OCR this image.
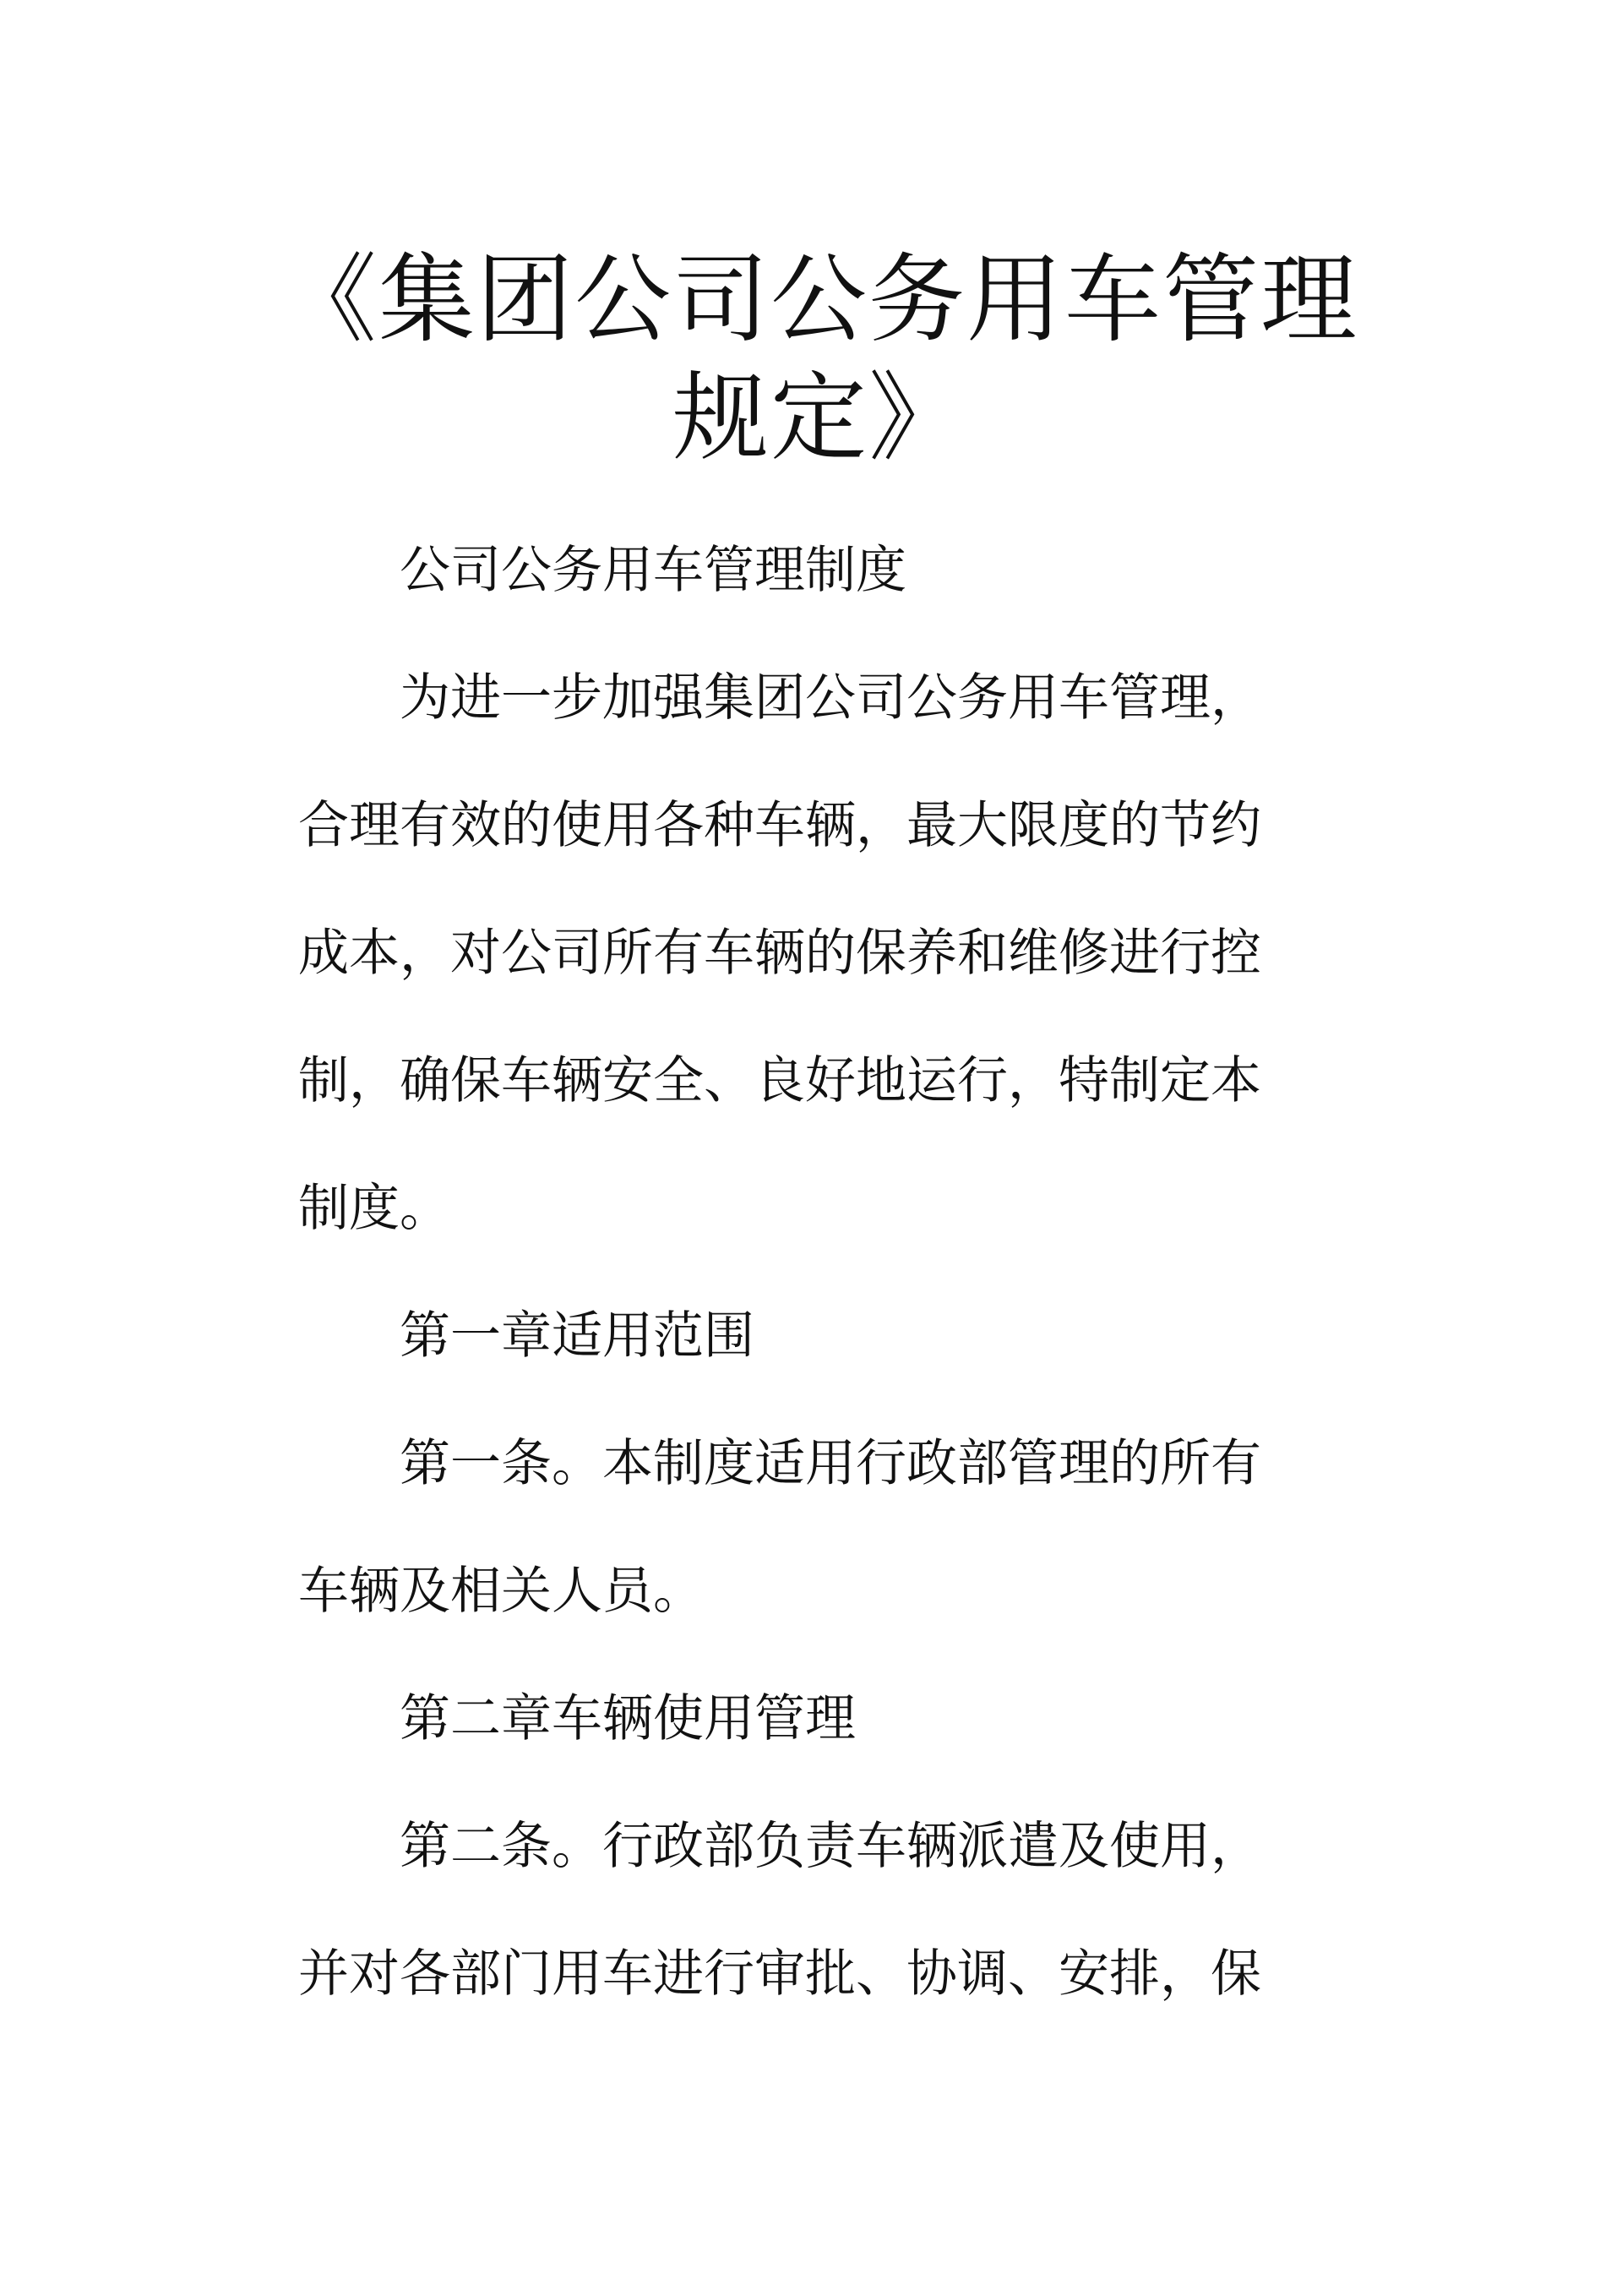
《集团公司公务用车管理
规定》
公司公务用车管理制度
为进一步加强集团公司公务用车管理，
合理有效的使用各种车辆，最大限度的节约
成本，对公司所有车辆的保养和维修进行控
制，确保车辆安全、良好地运行，特制定本
制度。
第一章适用范围
第一条。本制度适用行政部管理的所有
车辆及相关人员。
第二章车辆使用管理
第二条。行政部负责车辆派遣及使用，
并对各部门用车进行审批、协调、安排，保
